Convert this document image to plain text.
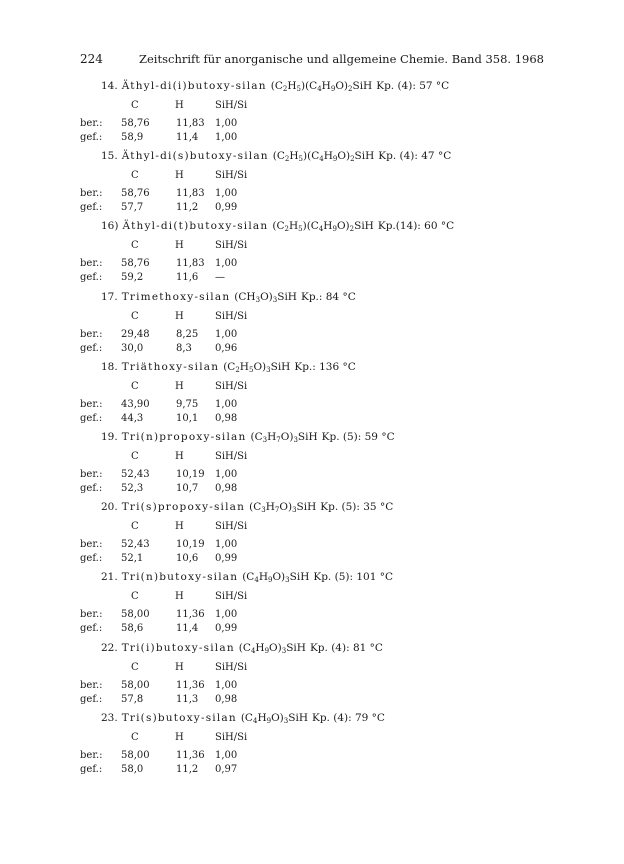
224	Zeitschrift für anorganische und allgemeine Chemie. Band 358. 1968
14. Äthyl-di(i)butoxy-silan $(C_2H_5)(C_4H_9O)_2SiH$ Kp. (4): 57 °C
C	H	SiH/Si
ber.: 58,76	11,83 1,00
gef.: 58,9	11,4 1,00
15. Äthyl-di(s)butoxy-silan $(C_2H_5)(C_4H_9O)_2SiH$ Kp. (4): 47 °C
C	H	SiH/Si
ber.: 58,76	11,83 1,00
gef.: 57,7	11,2 0,99
16) Äthyl-di(t)butoxy-silan $(C_2H_5)(C_4H_9O)_2SiH$ Kp.(14): 60 °C
C	H	SiH/Si
ber.: 58,76	11,83 1,00
gef.: 59,2	11,6 —
17. Trimethoxy-silan $(CH_3O)_3SiH$ Kp.: 84 °C
C	H	SiH/Si
ber.: 29,48	8,25 1,00
gef.: 30,0	8,3 0,96
18. Triäthoxy-silan $(C_2H_5O)_3SiH$ Kp.: 136 °C
C	H	SiH/Si
ber.: 43,90	9,75 1,00
gef.: 44,3	10,1 0,98
19. Tri(n)propoxy-silan $(C_3H_7O)_3SiH$ Kp. (5): 59 °C
C	H	SiH/Si
ber.: 52,43	10,19 1,00
gef.: 52,3	10,7 0,98
20. Tri(s)propoxy-silan $(C_3H_7O)_3SiH$ Kp. (5): 35 °C
C	H	SiH/Si
ber.: 52,43	10,19 1,00
gef.: 52,1	10,6 0,99
21. Tri(n)butoxy-silan $(C_4H_9O)_3SiH$ Kp. (5): 101 °C
C	H	SiH/Si
ber.: 58,00	11,36 1,00
gef.: 58,6	11,4 0,99
22. Tri(i)butoxy-silan $(C_4H_9O)_3SiH$ Kp. (4): 81 °C
C	H	SiH/Si
ber.: 58,00	11,36 1,00
gef.: 57,8	11,3 0,98
23. Tri(s)butoxy-silan $(C_4H_9O)_3SiH$ Kp. (4): 79 °C
C	H	SiH/Si
ber.: 58,00	11,36 1,00
gef.: 58,0	11,2 0,97
